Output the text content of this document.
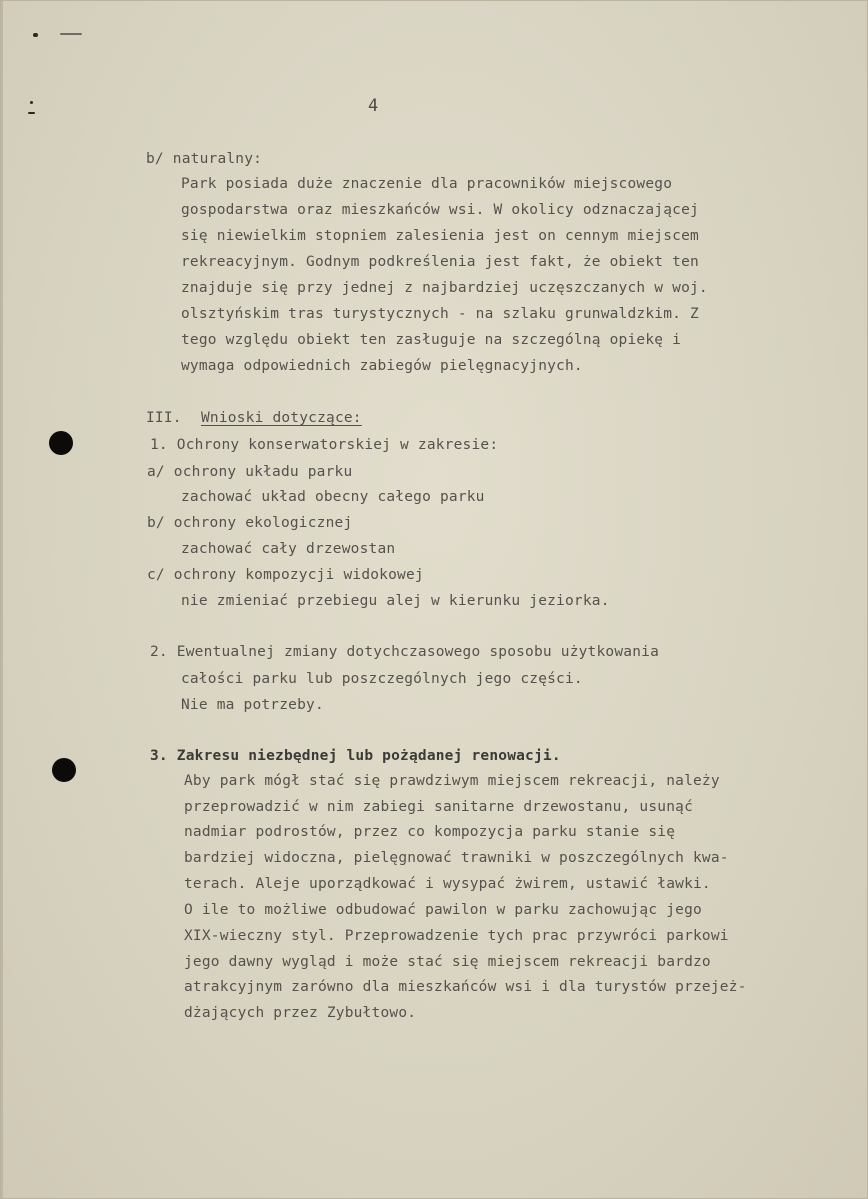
4

b/ naturalny:

Park posiada duże znaczenie dla pracowników miejscowego

gospodarstwa oraz mieszkańców wsi. W okolicy odznaczającej

się niewielkim stopniem zalesienia jest on cennym miejscem

rekreacyjnym. Godnym podkreślenia jest fakt, że obiekt ten

znajduje się przy jednej z najbardziej uczęszczanych w woj.

olsztyńskim tras turystycznych - na szlaku grunwaldzkim. Z

tego względu obiekt ten zasługuje na szczególną opiekę i

wymaga odpowiednich zabiegów pielęgnacyjnych.

III. Wnioski dotyczące:

1. Ochrony konserwatorskiej w zakresie:

a/ ochrony układu parku

zachować układ obecny całego parku

b/ ochrony ekologicznej

zachować cały drzewostan

c/ ochrony kompozycji widokowej

nie zmieniać przebiegu alej w kierunku jeziorka.

2. Ewentualnej zmiany dotychczasowego sposobu użytkowania

całości parku lub poszczególnych jego części.

Nie ma potrzeby.

3. Zakresu niezbędnej lub pożądanej renowacji.

Aby park mógł stać się prawdziwym miejscem rekreacji, należy

przeprowadzić w nim zabiegi sanitarne drzewostanu, usunąć

nadmiar podrostów, przez co kompozycja parku stanie się

bardziej widoczna, pielęgnować trawniki w poszczególnych kwa-

terach. Aleje uporządkować i wysypać żwirem, ustawić ławki.

O ile to możliwe odbudować pawilon w parku zachowując jego

XIX-wieczny styl. Przeprowadzenie tych prac przywróci parkowi

jego dawny wygląd i może stać się miejscem rekreacji bardzo

atrakcyjnym zarówno dla mieszkańców wsi i dla turystów przejeż-

dżających przez Zybułtowo.
